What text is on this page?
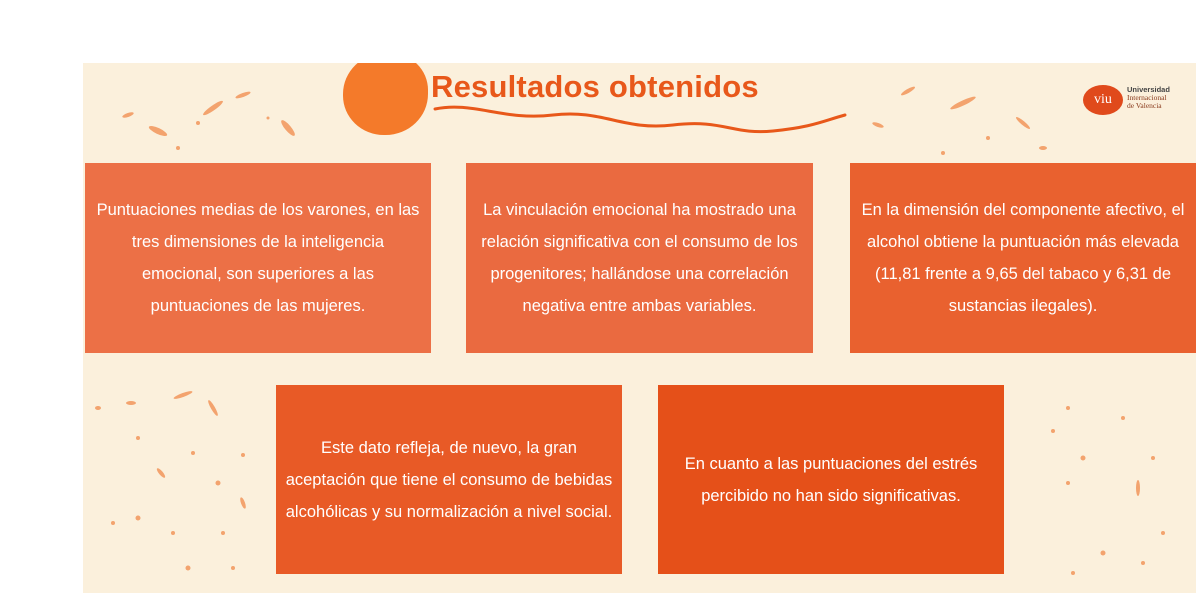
Resultados obtenidos	viu
Universidad
Internacional
de Valencia
Puntuaciones medias de los varones, en las tres dimensiones de la inteligencia emocional, son superiores a las puntuaciones de las mujeres.
La vinculación emocional ha mostrado una relación significativa con el consumo de los progenitores; hallándose una correlación negativa entre ambas variables.
En la dimensión del componente afectivo, el alcohol obtiene la puntuación más elevada (11,81 frente a 9,65 del tabaco y 6,31 de sustancias ilegales).
Este dato refleja, de nuevo, la gran aceptación que tiene el consumo de bebidas alcohólicas y su normalización a nivel social.
En cuanto a las puntuaciones del estrés percibido no han sido significativas.
